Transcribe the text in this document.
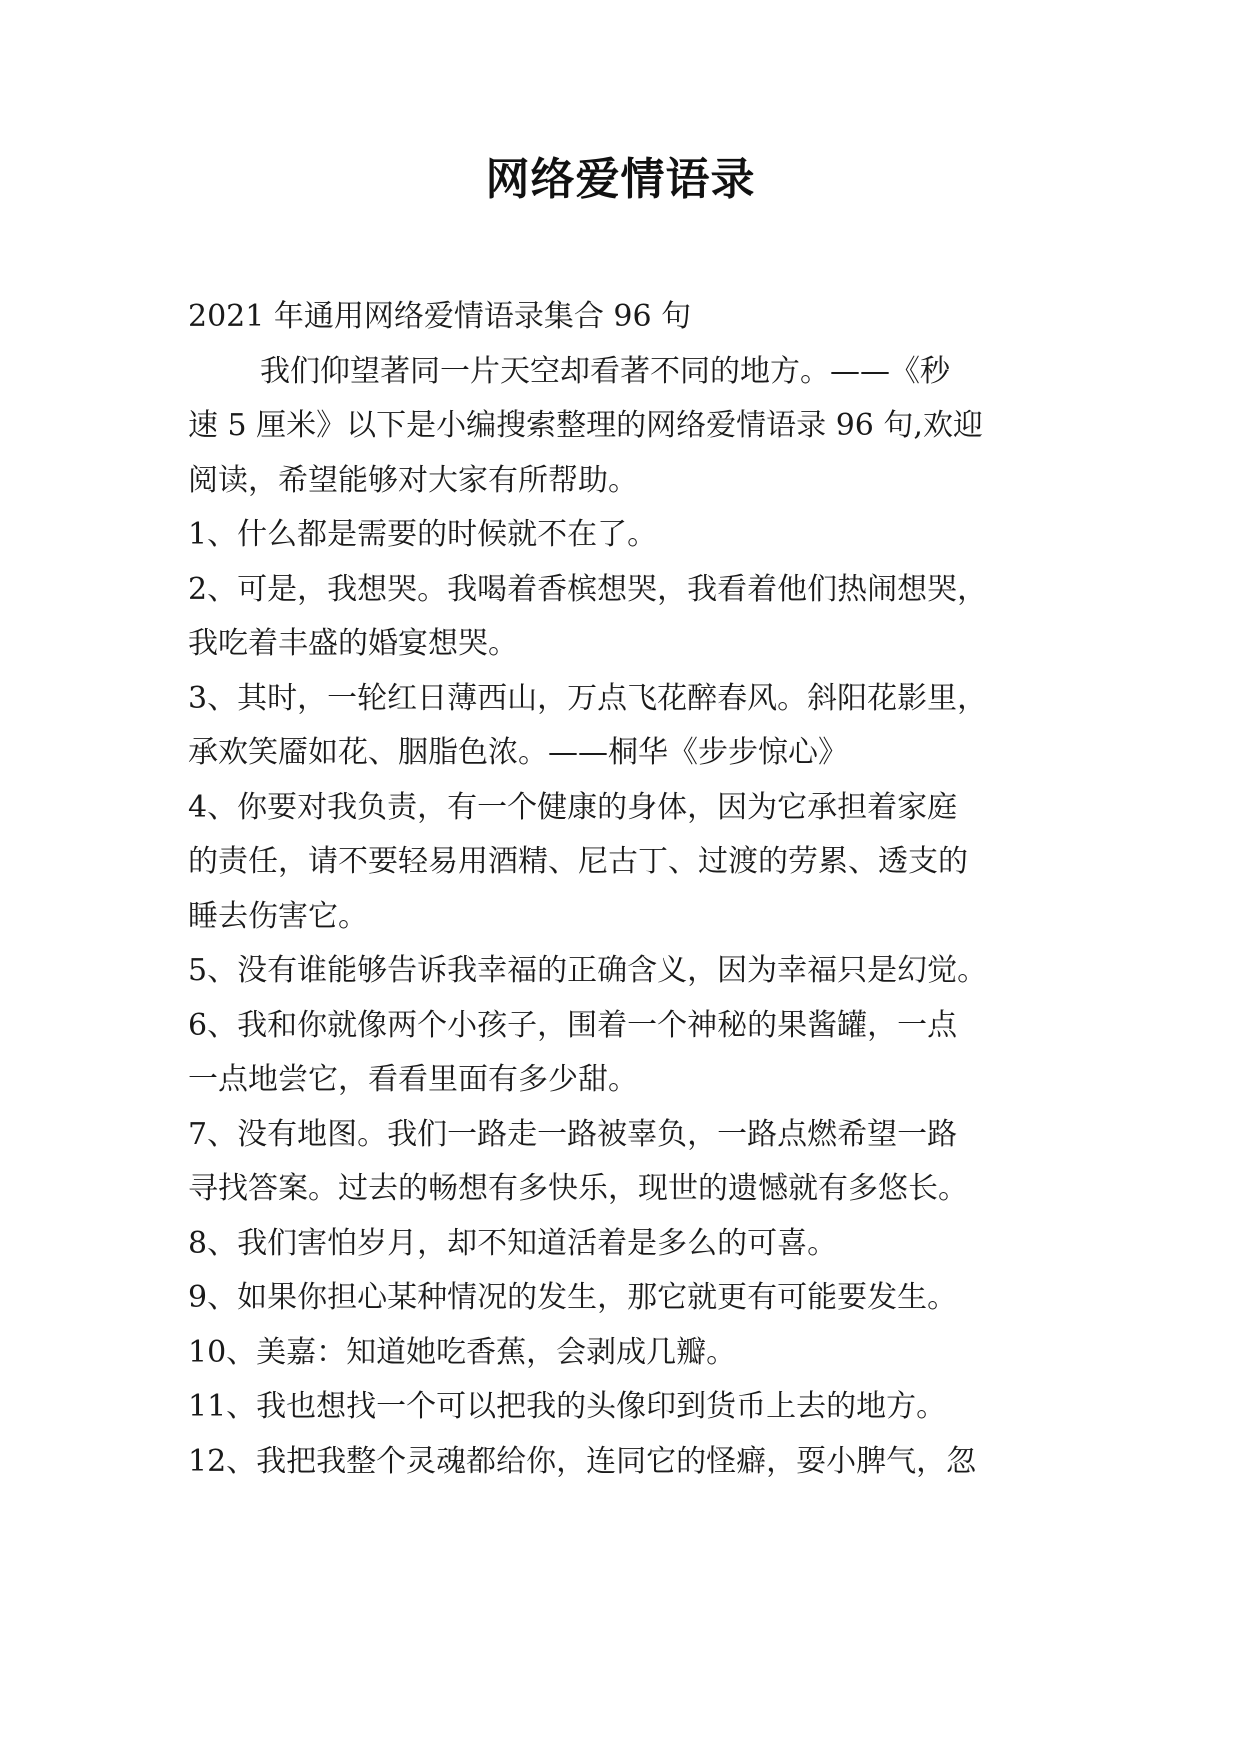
网络爱情语录
2021 年通用网络爱情语录集合 96 句
我们仰望著同一片天空却看著不同的地方。——《秒
速 5 厘米》以下是小编搜索整理的网络爱情语录 96 句,欢迎
阅读，希望能够对大家有所帮助。
1、什么都是需要的时候就不在了。
2、可是，我想哭。我喝着香槟想哭，我看着他们热闹想哭，
我吃着丰盛的婚宴想哭。
3、其时，一轮红日薄西山，万点飞花醉春风。斜阳花影里，
承欢笑靥如花、胭脂色浓。——桐华《步步惊心》
4、你要对我负责，有一个健康的身体，因为它承担着家庭
的责任，请不要轻易用酒精、尼古丁、过渡的劳累、透支的
睡去伤害它。
5、没有谁能够告诉我幸福的正确含义，因为幸福只是幻觉。
6、我和你就像两个小孩子，围着一个神秘的果酱罐，一点
一点地尝它，看看里面有多少甜。
7、没有地图。我们一路走一路被辜负，一路点燃希望一路
寻找答案。过去的畅想有多快乐，现世的遗憾就有多悠长。
8、我们害怕岁月，却不知道活着是多么的可喜。
9、如果你担心某种情况的发生，那它就更有可能要发生。
10、美嘉：知道她吃香蕉，会剥成几瓣。
11、我也想找一个可以把我的头像印到货币上去的地方。
12、我把我整个灵魂都给你，连同它的怪癖，耍小脾气，忽
